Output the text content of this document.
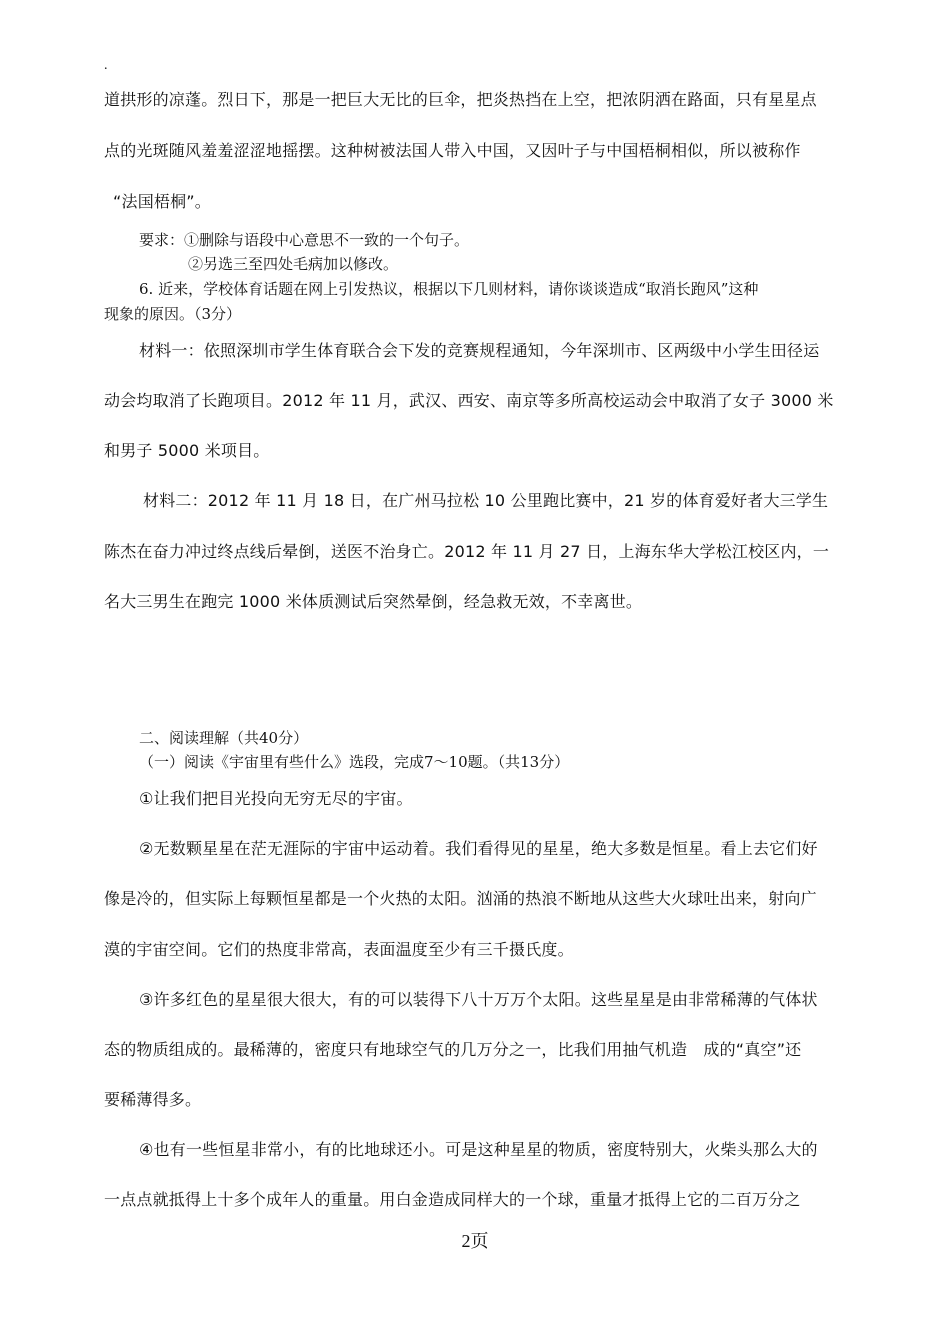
.

道拱形的凉蓬。烈日下，那是一把巨大无比的巨伞，把炎热挡在上空，把浓阴洒在路面，只有星星点

点的光斑随风羞羞涩涩地摇摆。这种树被法国人带入中国，又因叶子与中国梧桐相似，所以被称作

“法国梧桐”。

要求：①删除与语段中心意思不一致的一个句子。

②另选三至四处毛病加以修改。

6. 近来，学校体育话题在网上引发热议，根据以下几则材料，请你谈谈造成“取消长跑风”这种

现象的原因。（3分）

材料一：依照深圳市学生体育联合会下发的竞赛规程通知，今年深圳市、区两级中小学生田径运

动会均取消了长跑项目。2012 年 11 月，武汉、西安、南京等多所高校运动会中取消了女子 3000 米

和男子 5000 米项目。

材料二：2012 年 11 月 18 日，在广州马拉松 10 公里跑比赛中，21 岁的体育爱好者大三学生

陈杰在奋力冲过终点线后晕倒，送医不治身亡。2012 年 11 月 27 日，上海东华大学松江校区内，一

名大三男生在跑完 1000 米体质测试后突然晕倒，经急救无效，不幸离世。

二、阅读理解（共40分）

（一）阅读《宇宙里有些什么》选段，完成7～10题。（共13分）

①让我们把目光投向无穷无尽的宇宙。

②无数颗星星在茫无涯际的宇宙中运动着。我们看得见的星星，绝大多数是恒星。看上去它们好

像是冷的，但实际上每颗恒星都是一个火热的太阳。汹涌的热浪不断地从这些大火球吐出来，射向广

漠的宇宙空间。它们的热度非常高，表面温度至少有三千摄氏度。

③许多红色的星星很大很大，有的可以装得下八十万万个太阳。这些星星是由非常稀薄的气体状

态的物质组成的。最稀薄的，密度只有地球空气的几万分之一，比我们用抽气机造　成的“真空”还

要稀薄得多。

④也有一些恒星非常小，有的比地球还小。可是这种星星的物质，密度特别大，火柴头那么大的

一点点就抵得上十多个成年人的重量。用白金造成同样大的一个球，重量才抵得上它的二百万分之

2页
